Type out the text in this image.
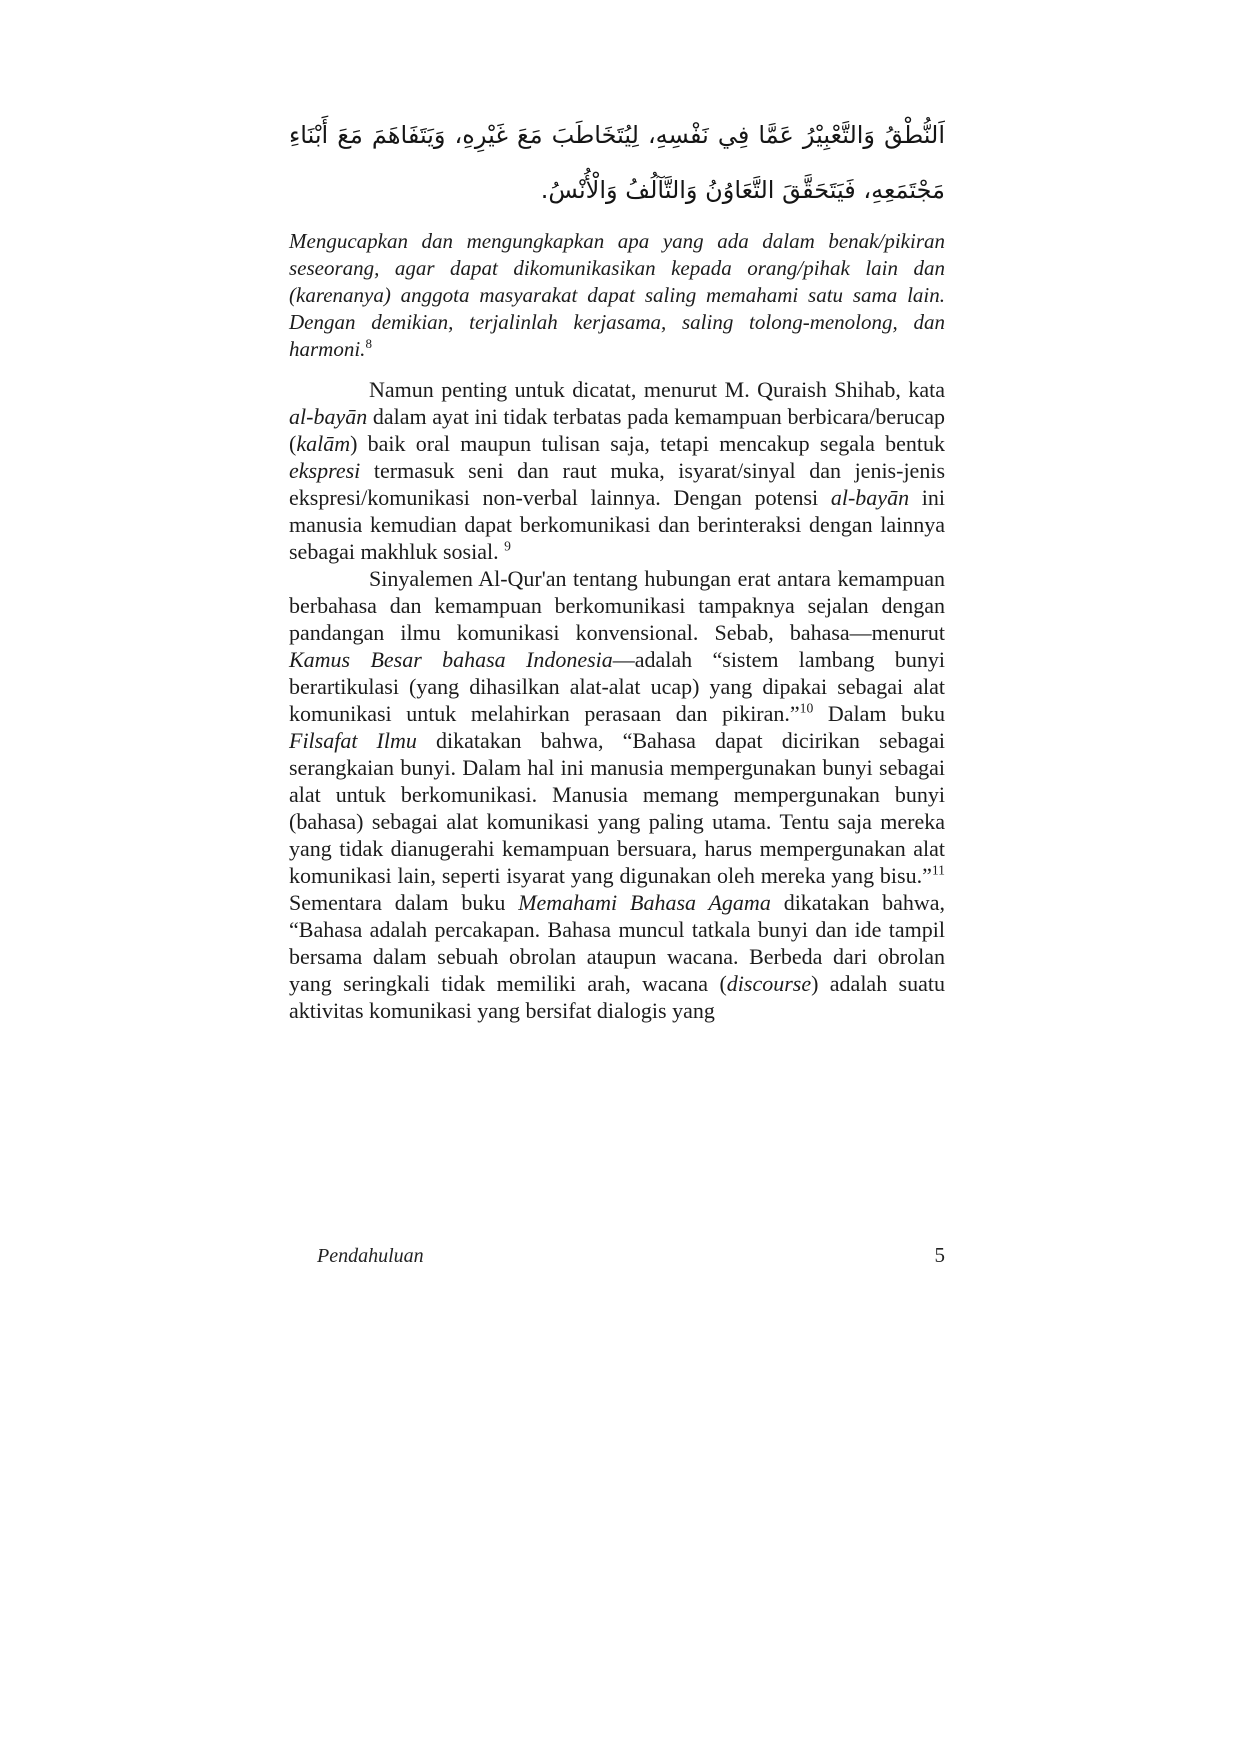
اَلنُّطْقُ وَالتَّعْبِيْرُ عَمَّا فِي نَفْسِهِ، لِيُتَخَاطَبَ مَعَ غَيْرِهِ، وَيَتَفَاهَمَ مَعَ أَبْنَاءِ
مَجْتَمَعِهِ، فَيَتَحَقَّقَ التَّعَاوُنُ وَالتَّآلُفُ وَالْأُنْسُ.
Mengucapkan dan mengungkapkan apa yang ada dalam benak/pikiran seseorang, agar dapat dikomunikasikan kepada orang/pihak lain dan (karenanya) anggota masyarakat dapat saling memahami satu sama lain. Dengan demikian, terjalinlah kerjasama, saling tolong-menolong, dan harmoni.$^8$

Namun penting untuk dicatat, menurut M. Quraish Shihab, kata al-bayān dalam ayat ini tidak terbatas pada kemampuan berbicara/berucap (kalām) baik oral maupun tulisan saja, tetapi mencakup segala bentuk ekspresi termasuk seni dan raut muka, isyarat/sinyal dan jenis-jenis ekspresi/komunikasi non-verbal lainnya. Dengan potensi al-bayān ini manusia kemudian dapat berkomunikasi dan berinteraksi dengan lainnya sebagai makhluk sosial. $^9$

Sinyalemen Al-Qur'an tentang hubungan erat antara kemampuan berbahasa dan kemampuan berkomunikasi tampaknya sejalan dengan pandangan ilmu komunikasi konvensional. Sebab, bahasa—menurut Kamus Besar bahasa Indonesia—adalah “sistem lambang bunyi berartikulasi (yang dihasilkan alat-alat ucap) yang dipakai sebagai alat komunikasi untuk melahirkan perasaan dan pikiran.”$^{10}$ Dalam buku Filsafat Ilmu dikatakan bahwa, “Bahasa dapat dicirikan sebagai serangkaian bunyi. Dalam hal ini manusia mempergunakan bunyi sebagai alat untuk berkomunikasi. Manusia memang mempergunakan bunyi (bahasa) sebagai alat komunikasi yang paling utama. Tentu saja mereka yang tidak dianugerahi kemampuan bersuara, harus mempergunakan alat komunikasi lain, seperti isyarat yang digunakan oleh mereka yang bisu.”$^{11}$ Sementara dalam buku Memahami Bahasa Agama dikatakan bahwa, “Bahasa adalah percakapan. Bahasa muncul tatkala bunyi dan ide tampil bersama dalam sebuah obrolan ataupun wacana. Berbeda dari obrolan yang seringkali tidak memiliki arah, wacana (discourse) adalah suatu aktivitas komunikasi yang bersifat dialogis yang

Pendahuluan	5
